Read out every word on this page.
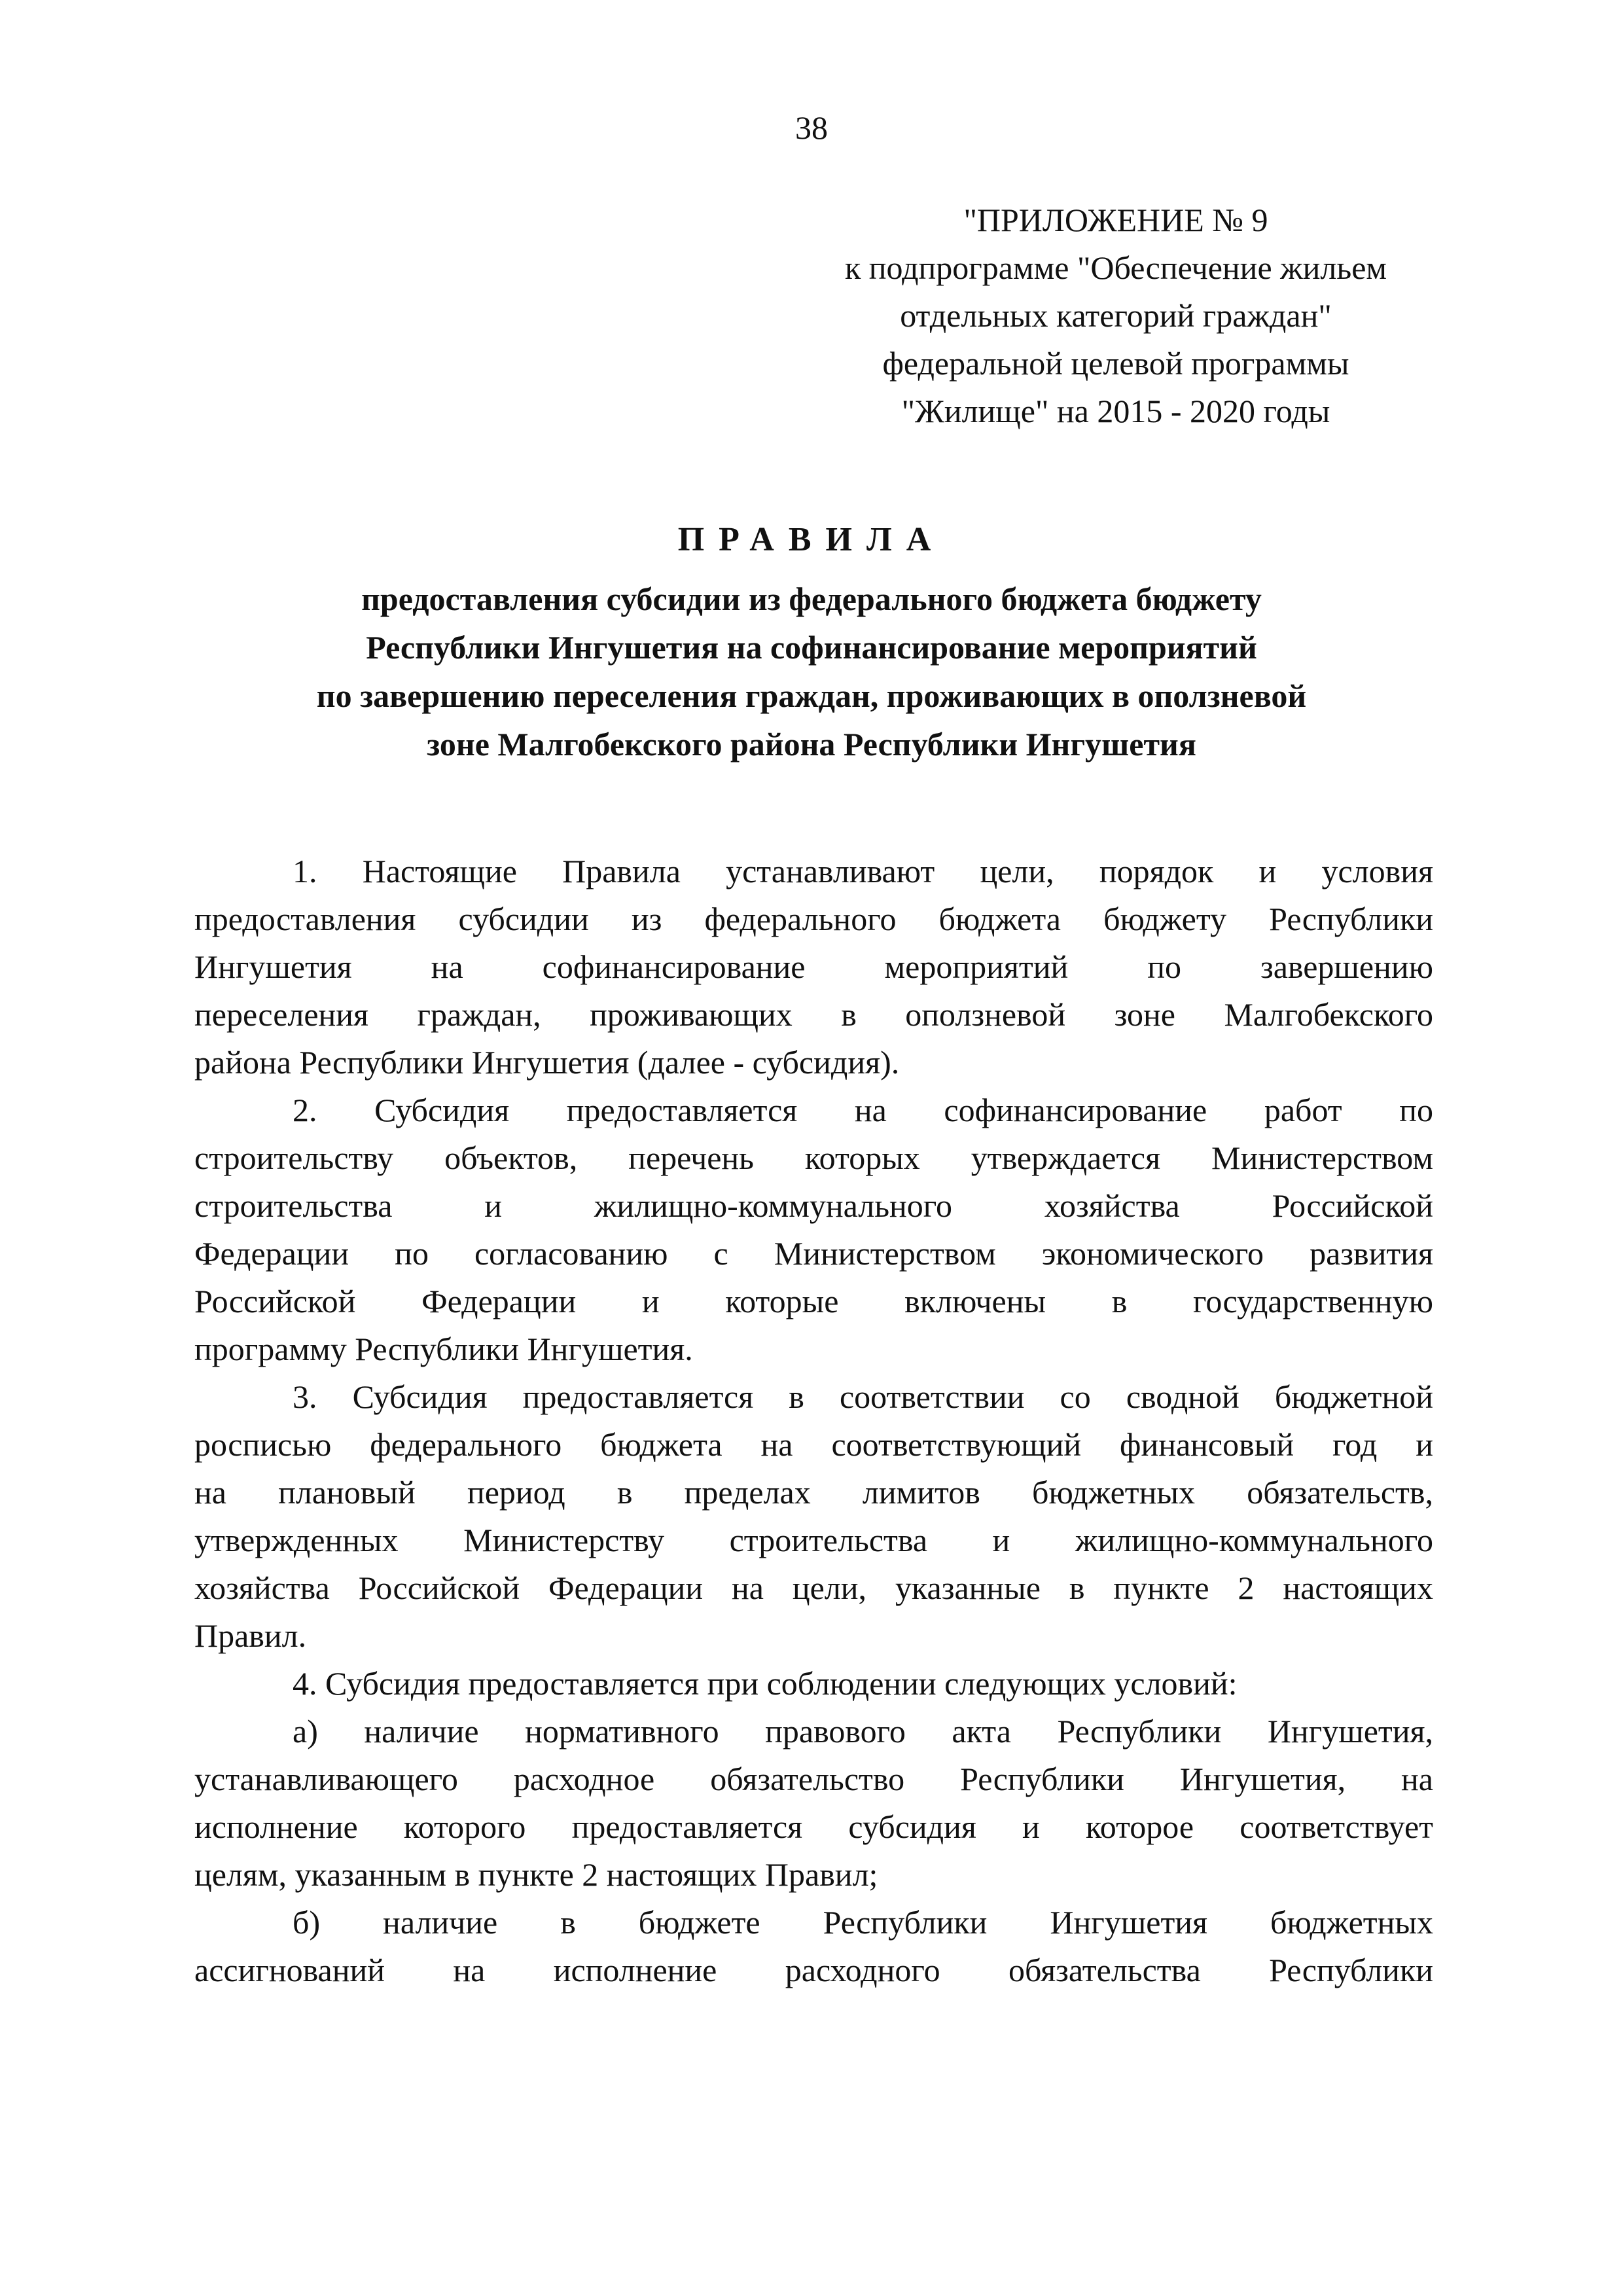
38
"ПРИЛОЖЕНИЕ № 9
к подпрограмме "Обеспечение жильем
отдельных категорий граждан"
федеральной целевой программы
"Жилище" на 2015 - 2020 годы
ПРАВИЛА
предоставления субсидии из федерального бюджета бюджету
Республики Ингушетия на софинансирование мероприятий
по завершению переселения граждан, проживающих в оползневой
зоне Малгобекского района Республики Ингушетия
1. Настоящие Правила устанавливают цели, порядок и условия
предоставления субсидии из федерального бюджета бюджету Республики
Ингушетия на софинансирование мероприятий по завершению
переселения граждан, проживающих в оползневой зоне Малгобекского
района Республики Ингушетия (далее - субсидия).
2. Субсидия предоставляется на софинансирование работ по
строительству объектов, перечень которых утверждается Министерством
строительства и жилищно-коммунального хозяйства Российской
Федерации по согласованию с Министерством экономического развития
Российской Федерации и которые включены в государственную
программу Республики Ингушетия.
3. Субсидия предоставляется в соответствии со сводной бюджетной
росписью федерального бюджета на соответствующий финансовый год и
на плановый период в пределах лимитов бюджетных обязательств,
утвержденных Министерству строительства и жилищно-коммунального
хозяйства Российской Федерации на цели, указанные в пункте 2 настоящих
Правил.
4. Субсидия предоставляется при соблюдении следующих условий:
а) наличие нормативного правового акта Республики Ингушетия,
устанавливающего расходное обязательство Республики Ингушетия, на
исполнение которого предоставляется субсидия и которое соответствует
целям, указанным в пункте 2 настоящих Правил;
б) наличие в бюджете Республики Ингушетия бюджетных
ассигнований на исполнение расходного обязательства Республики
